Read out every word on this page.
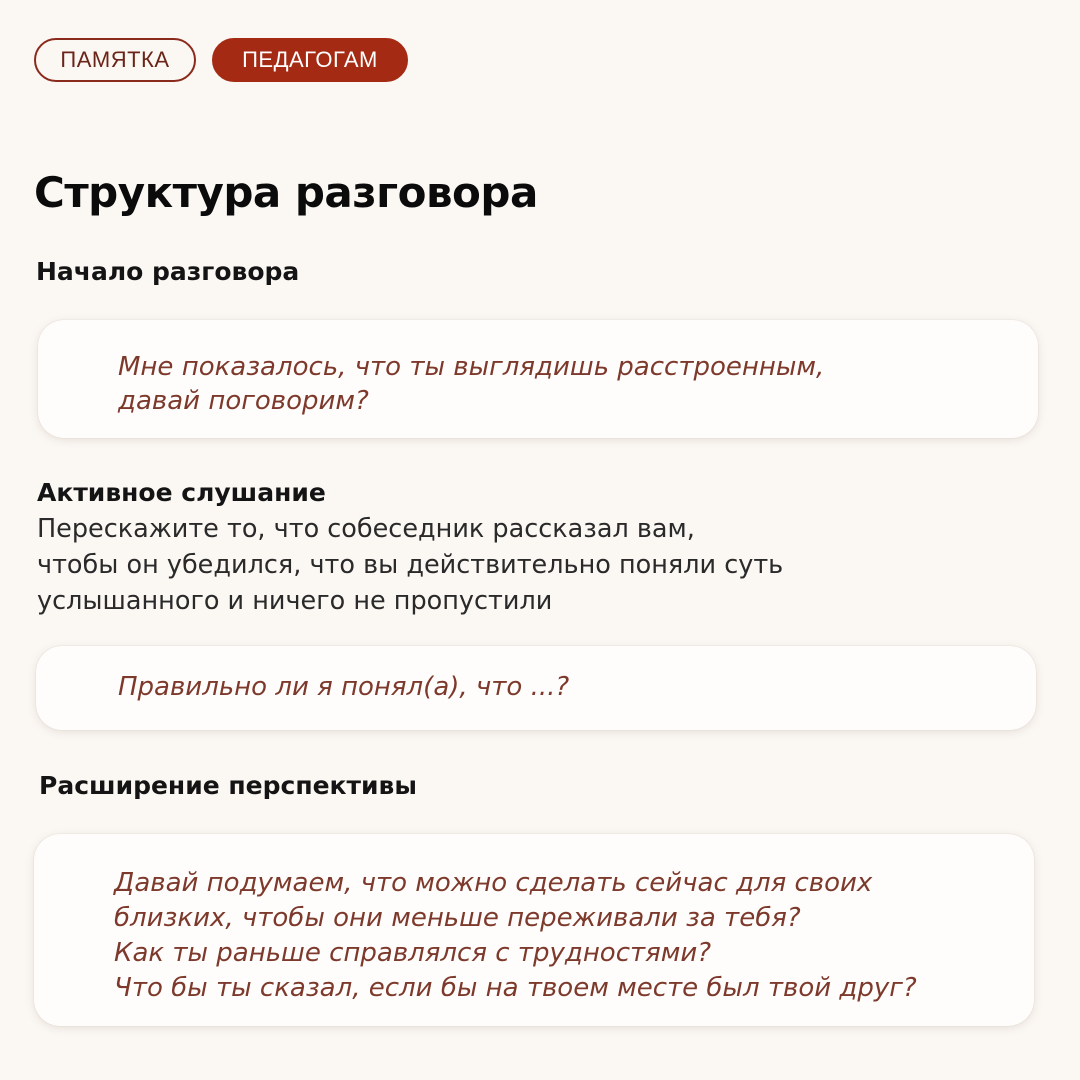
ПАМЯТКА	ПЕДАГОГАМ
Структура разговора
Начало разговора

Мне показалось, что ты выглядишь расстроенным,
давай поговорим?

Активное слушание

Перескажите то, что собеседник рассказал вам,
чтобы он убедился, что вы действительно поняли суть
услышанного и ничего не пропустили

Правильно ли я понял(а), что ...?

Расширение перспективы

Давай подумаем, что можно сделать сейчас для своих
близких, чтобы они меньше переживали за тебя?
Как ты раньше справлялся с трудностями?
Что бы ты сказал, если бы на твоем месте был твой друг?
